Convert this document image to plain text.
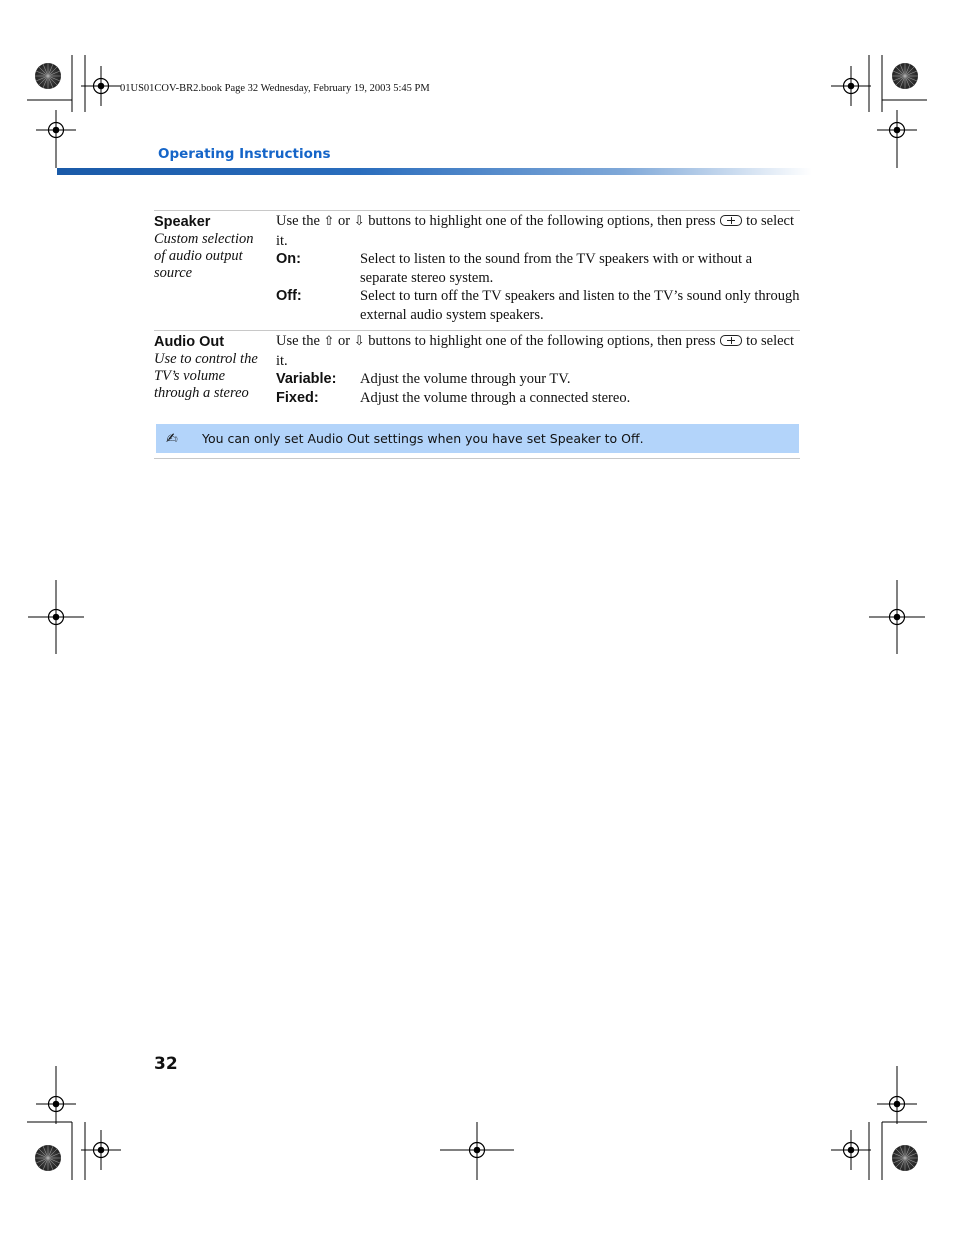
01US01COV-BR2.book Page 32 Wednesday, February 19, 2003 5:45 PM
Operating Instructions
Speaker
Custom selection of audio output source
Use the ⇧ or ⇩ buttons to highlight one of the following options, then press to select it.
On:	Select to listen to the sound from the TV speakers with or without a separate stereo system.
Off:	Select to turn off the TV speakers and listen to the TV’s sound only through external audio system speakers.
Audio Out
Use to control the TV’s volume through a stereo
Use the ⇧ or ⇩ buttons to highlight one of the following options, then press to select it.
Variable:	Adjust the volume through your TV.
Fixed:	Adjust the volume through a connected stereo.
✍	You can only set Audio Out settings when you have set Speaker to Off.
32
